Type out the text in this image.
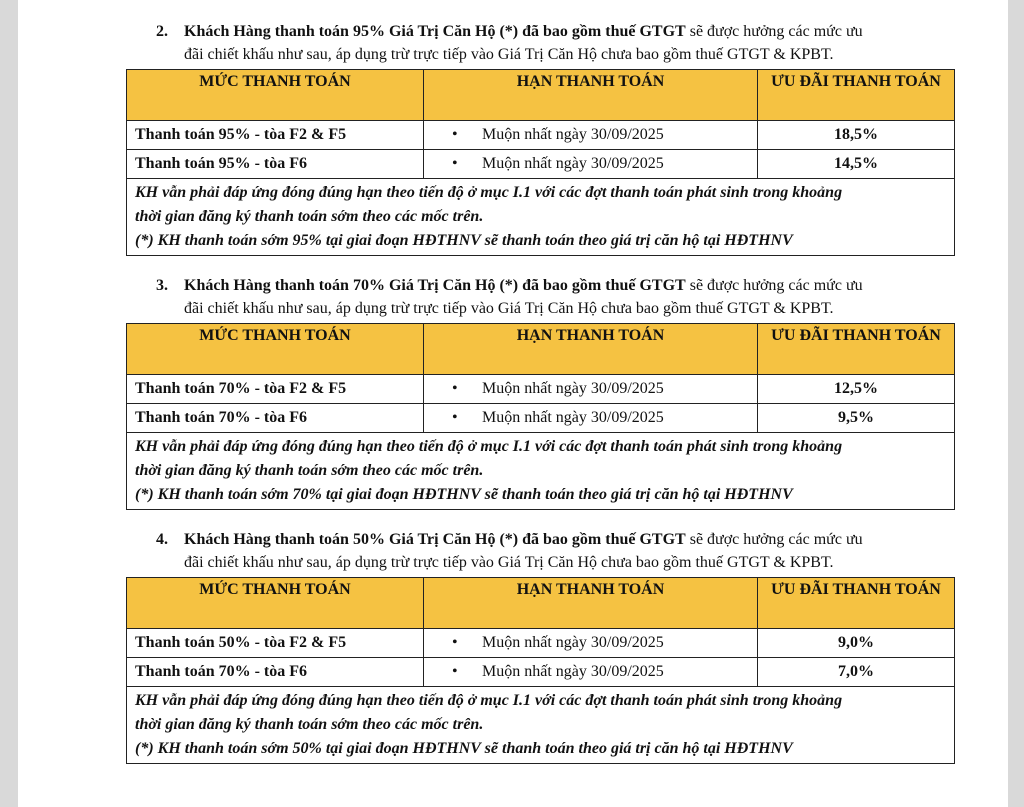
2. Khách Hàng thanh toán 95% Giá Trị Căn Hộ (*) đã bao gồm thuế GTGT sẽ được hưởng các mức ưu
đãi chiết khấu như sau, áp dụng trừ trực tiếp vào Giá Trị Căn Hộ chưa bao gồm thuế GTGT & KPBT.
MỨC THANH TOÁN	HẠN THANH TOÁN	ƯU ĐÃI THANH TOÁN
Thanh toán 95% - tòa F2 & F5	• Muộn nhất ngày 30/09/2025	18,5%
Thanh toán 95% - tòa F6	• Muộn nhất ngày 30/09/2025	14,5%

KH vẫn phải đáp ứng đóng đúng hạn theo tiến độ ở mục I.1 với các đợt thanh toán phát sinh trong khoảng
thời gian đăng ký thanh toán sớm theo các mốc trên.
(*) KH thanh toán sớm 95% tại giai đoạn HĐTHNV sẽ thanh toán theo giá trị căn hộ tại HĐTHNV		
3. Khách Hàng thanh toán 70% Giá Trị Căn Hộ (*) đã bao gồm thuế GTGT sẽ được hưởng các mức ưu
đãi chiết khấu như sau, áp dụng trừ trực tiếp vào Giá Trị Căn Hộ chưa bao gồm thuế GTGT & KPBT.
MỨC THANH TOÁN	HẠN THANH TOÁN	ƯU ĐÃI THANH TOÁN
Thanh toán 70% - tòa F2 & F5	• Muộn nhất ngày 30/09/2025	12,5%
Thanh toán 70% - tòa F6	• Muộn nhất ngày 30/09/2025	9,5%

KH vẫn phải đáp ứng đóng đúng hạn theo tiến độ ở mục I.1 với các đợt thanh toán phát sinh trong khoảng
thời gian đăng ký thanh toán sớm theo các mốc trên.
(*) KH thanh toán sớm 70% tại giai đoạn HĐTHNV sẽ thanh toán theo giá trị căn hộ tại HĐTHNV		
4. Khách Hàng thanh toán 50% Giá Trị Căn Hộ (*) đã bao gồm thuế GTGT sẽ được hưởng các mức ưu
đãi chiết khấu như sau, áp dụng trừ trực tiếp vào Giá Trị Căn Hộ chưa bao gồm thuế GTGT & KPBT.
MỨC THANH TOÁN	HẠN THANH TOÁN	ƯU ĐÃI THANH TOÁN
Thanh toán 50% - tòa F2 & F5	• Muộn nhất ngày 30/09/2025	9,0%
Thanh toán 70% - tòa F6	• Muộn nhất ngày 30/09/2025	7,0%

KH vẫn phải đáp ứng đóng đúng hạn theo tiến độ ở mục I.1 với các đợt thanh toán phát sinh trong khoảng
thời gian đăng ký thanh toán sớm theo các mốc trên.
(*) KH thanh toán sớm 50% tại giai đoạn HĐTHNV sẽ thanh toán theo giá trị căn hộ tại HĐTHNV		
